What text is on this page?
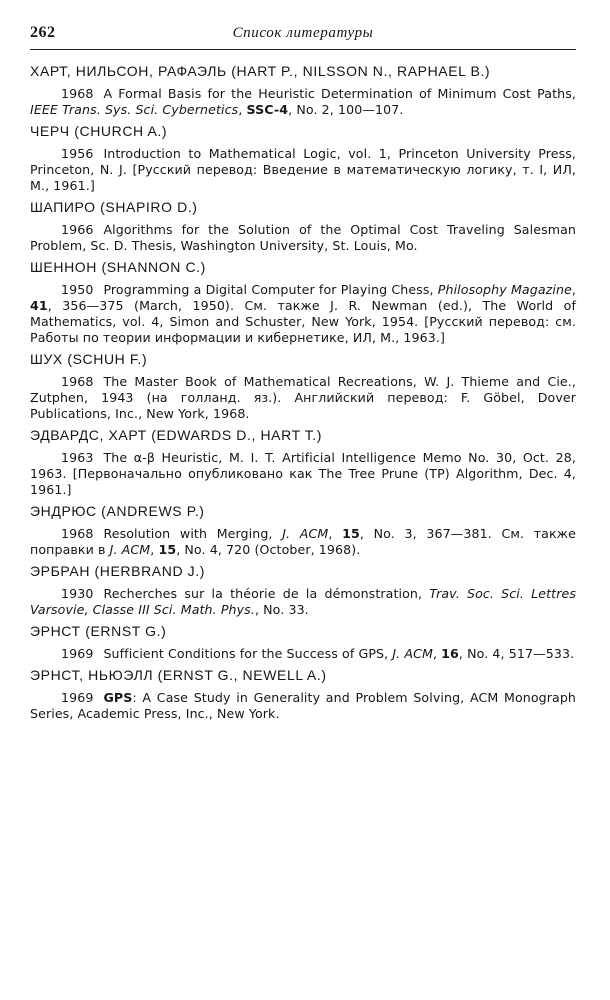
262	Список литературы
ХАРТ, НИЛЬСОН, РАФАЭЛЬ (HART P., NILSSON N., RAPHAEL B.)
1968 A Formal Basis for the Heuristic Determination of Minimum Cost Paths, IEEE Trans. Sys. Sci. Cybernetics, SSC-4, No. 2, 100—107.
ЧЕРЧ (CHURCH A.)
1956 Introduction to Mathematical Logic, vol. 1, Princeton University Press, Princeton, N. J. [Русский перевод: Введение в математическую логику, т. I, ИЛ, М., 1961.]
ШАПИРО (SHAPIRO D.)
1966 Algorithms for the Solution of the Optimal Cost Traveling Salesman Problem, Sc. D. Thesis, Washington University, St. Louis, Mo.
ШЕННОН (SHANNON C.)
1950 Programming a Digital Computer for Playing Chess, Philosophy Magazine, 41, 356—375 (March, 1950). См. также J. R. Newman (ed.), The World of Mathematics, vol. 4, Simon and Schuster, New York, 1954. [Русский перевод: см. Работы по теории информации и кибернетике, ИЛ, М., 1963.]
ШУХ (SCHUH F.)
1968 The Master Book of Mathematical Recreations, W. J. Thieme and Cie., Zutphen, 1943 (на голланд. яз.). Английский перевод: F. Göbel, Dover Publications, Inc., New York, 1968.
ЭДВАРДС, ХАРТ (EDWARDS D., HART T.)
1963 The α-β Heuristic, M. I. T. Artificial Intelligence Memo No. 30, Oct. 28, 1963. [Первоначально опубликовано как The Tree Prune (TP) Algorithm, Dec. 4, 1961.]
ЭНДРЮС (ANDREWS P.)
1968 Resolution with Merging, J. ACM, 15, No. 3, 367—381. См. также поправки в J. ACM, 15, No. 4, 720 (October, 1968).
ЭРБРАН (HERBRAND J.)
1930 Recherches sur la théorie de la démonstration, Trav. Soc. Sci. Lettres Varsovie, Classe III Sci. Math. Phys., No. 33.
ЭРНСТ (ERNST G.)
1969 Sufficient Conditions for the Success of GPS, J. ACM, 16, No. 4, 517—533.
ЭРНСТ, НЬЮЭЛЛ (ERNST G., NEWELL A.)
1969 GPS: A Case Study in Generality and Problem Solving, ACM Monograph Series, Academic Press, Inc., New York.
